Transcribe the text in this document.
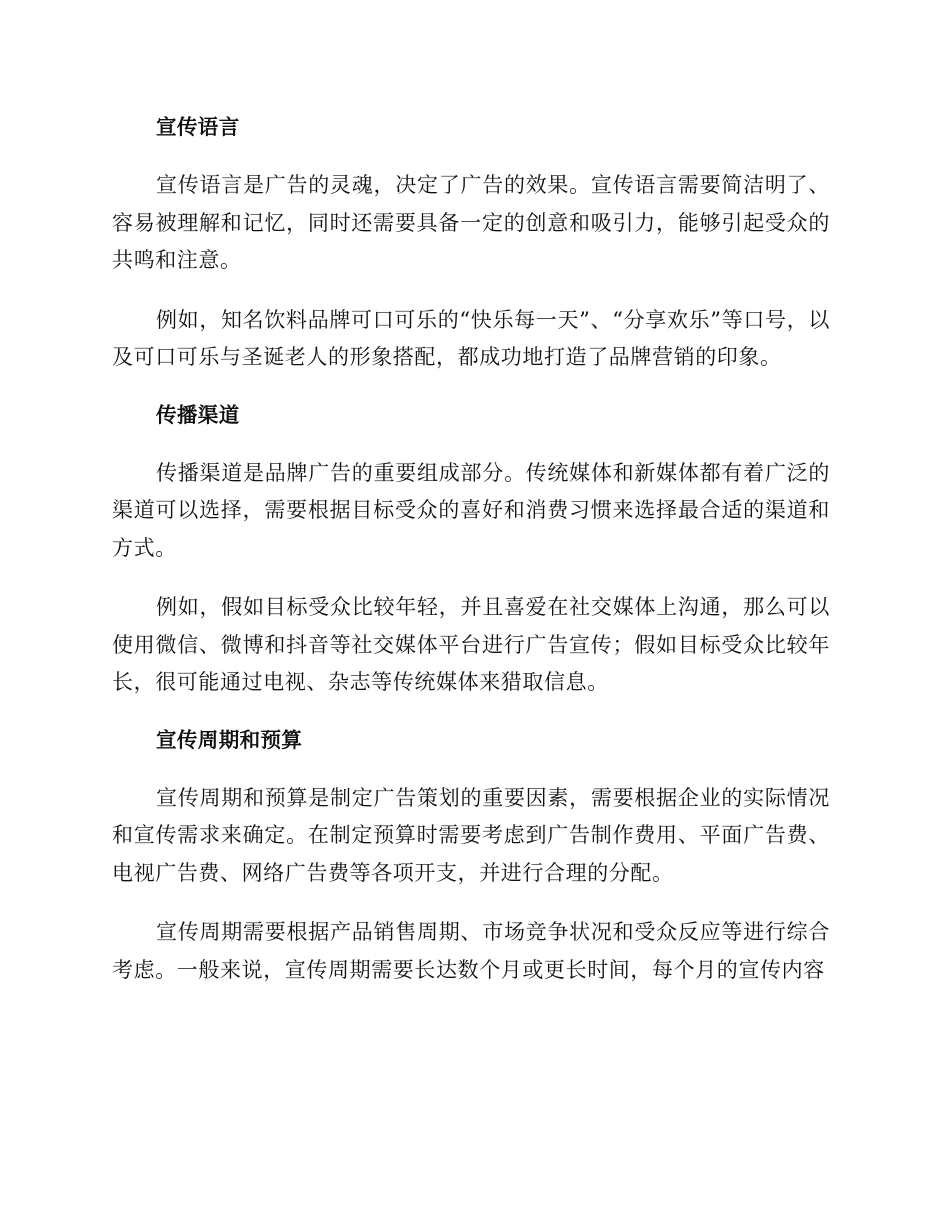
宣传语言

宣传语言是广告的灵魂，决定了广告的效果。宣传语言需要简洁明了、容易被理解和记忆，同时还需要具备一定的创意和吸引力，能够引起受众的共鸣和注意。

例如，知名饮料品牌可口可乐的“快乐每一天”、“分享欢乐”等口号，以及可口可乐与圣诞老人的形象搭配，都成功地打造了品牌营销的印象。

传播渠道

传播渠道是品牌广告的重要组成部分。传统媒体和新媒体都有着广泛的渠道可以选择，需要根据目标受众的喜好和消费习惯来选择最合适的渠道和方式。

例如，假如目标受众比较年轻，并且喜爱在社交媒体上沟通，那么可以使用微信、微博和抖音等社交媒体平台进行广告宣传；假如目标受众比较年长，很可能通过电视、杂志等传统媒体来猎取信息。

宣传周期和预算

宣传周期和预算是制定广告策划的重要因素，需要根据企业的实际情况和宣传需求来确定。在制定预算时需要考虑到广告制作费用、平面广告费、电视广告费、网络广告费等各项开支，并进行合理的分配。

宣传周期需要根据产品销售周期、市场竞争状况和受众反应等进行综合考虑。一般来说，宣传周期需要长达数个月或更长时间，每个月的宣传内容
